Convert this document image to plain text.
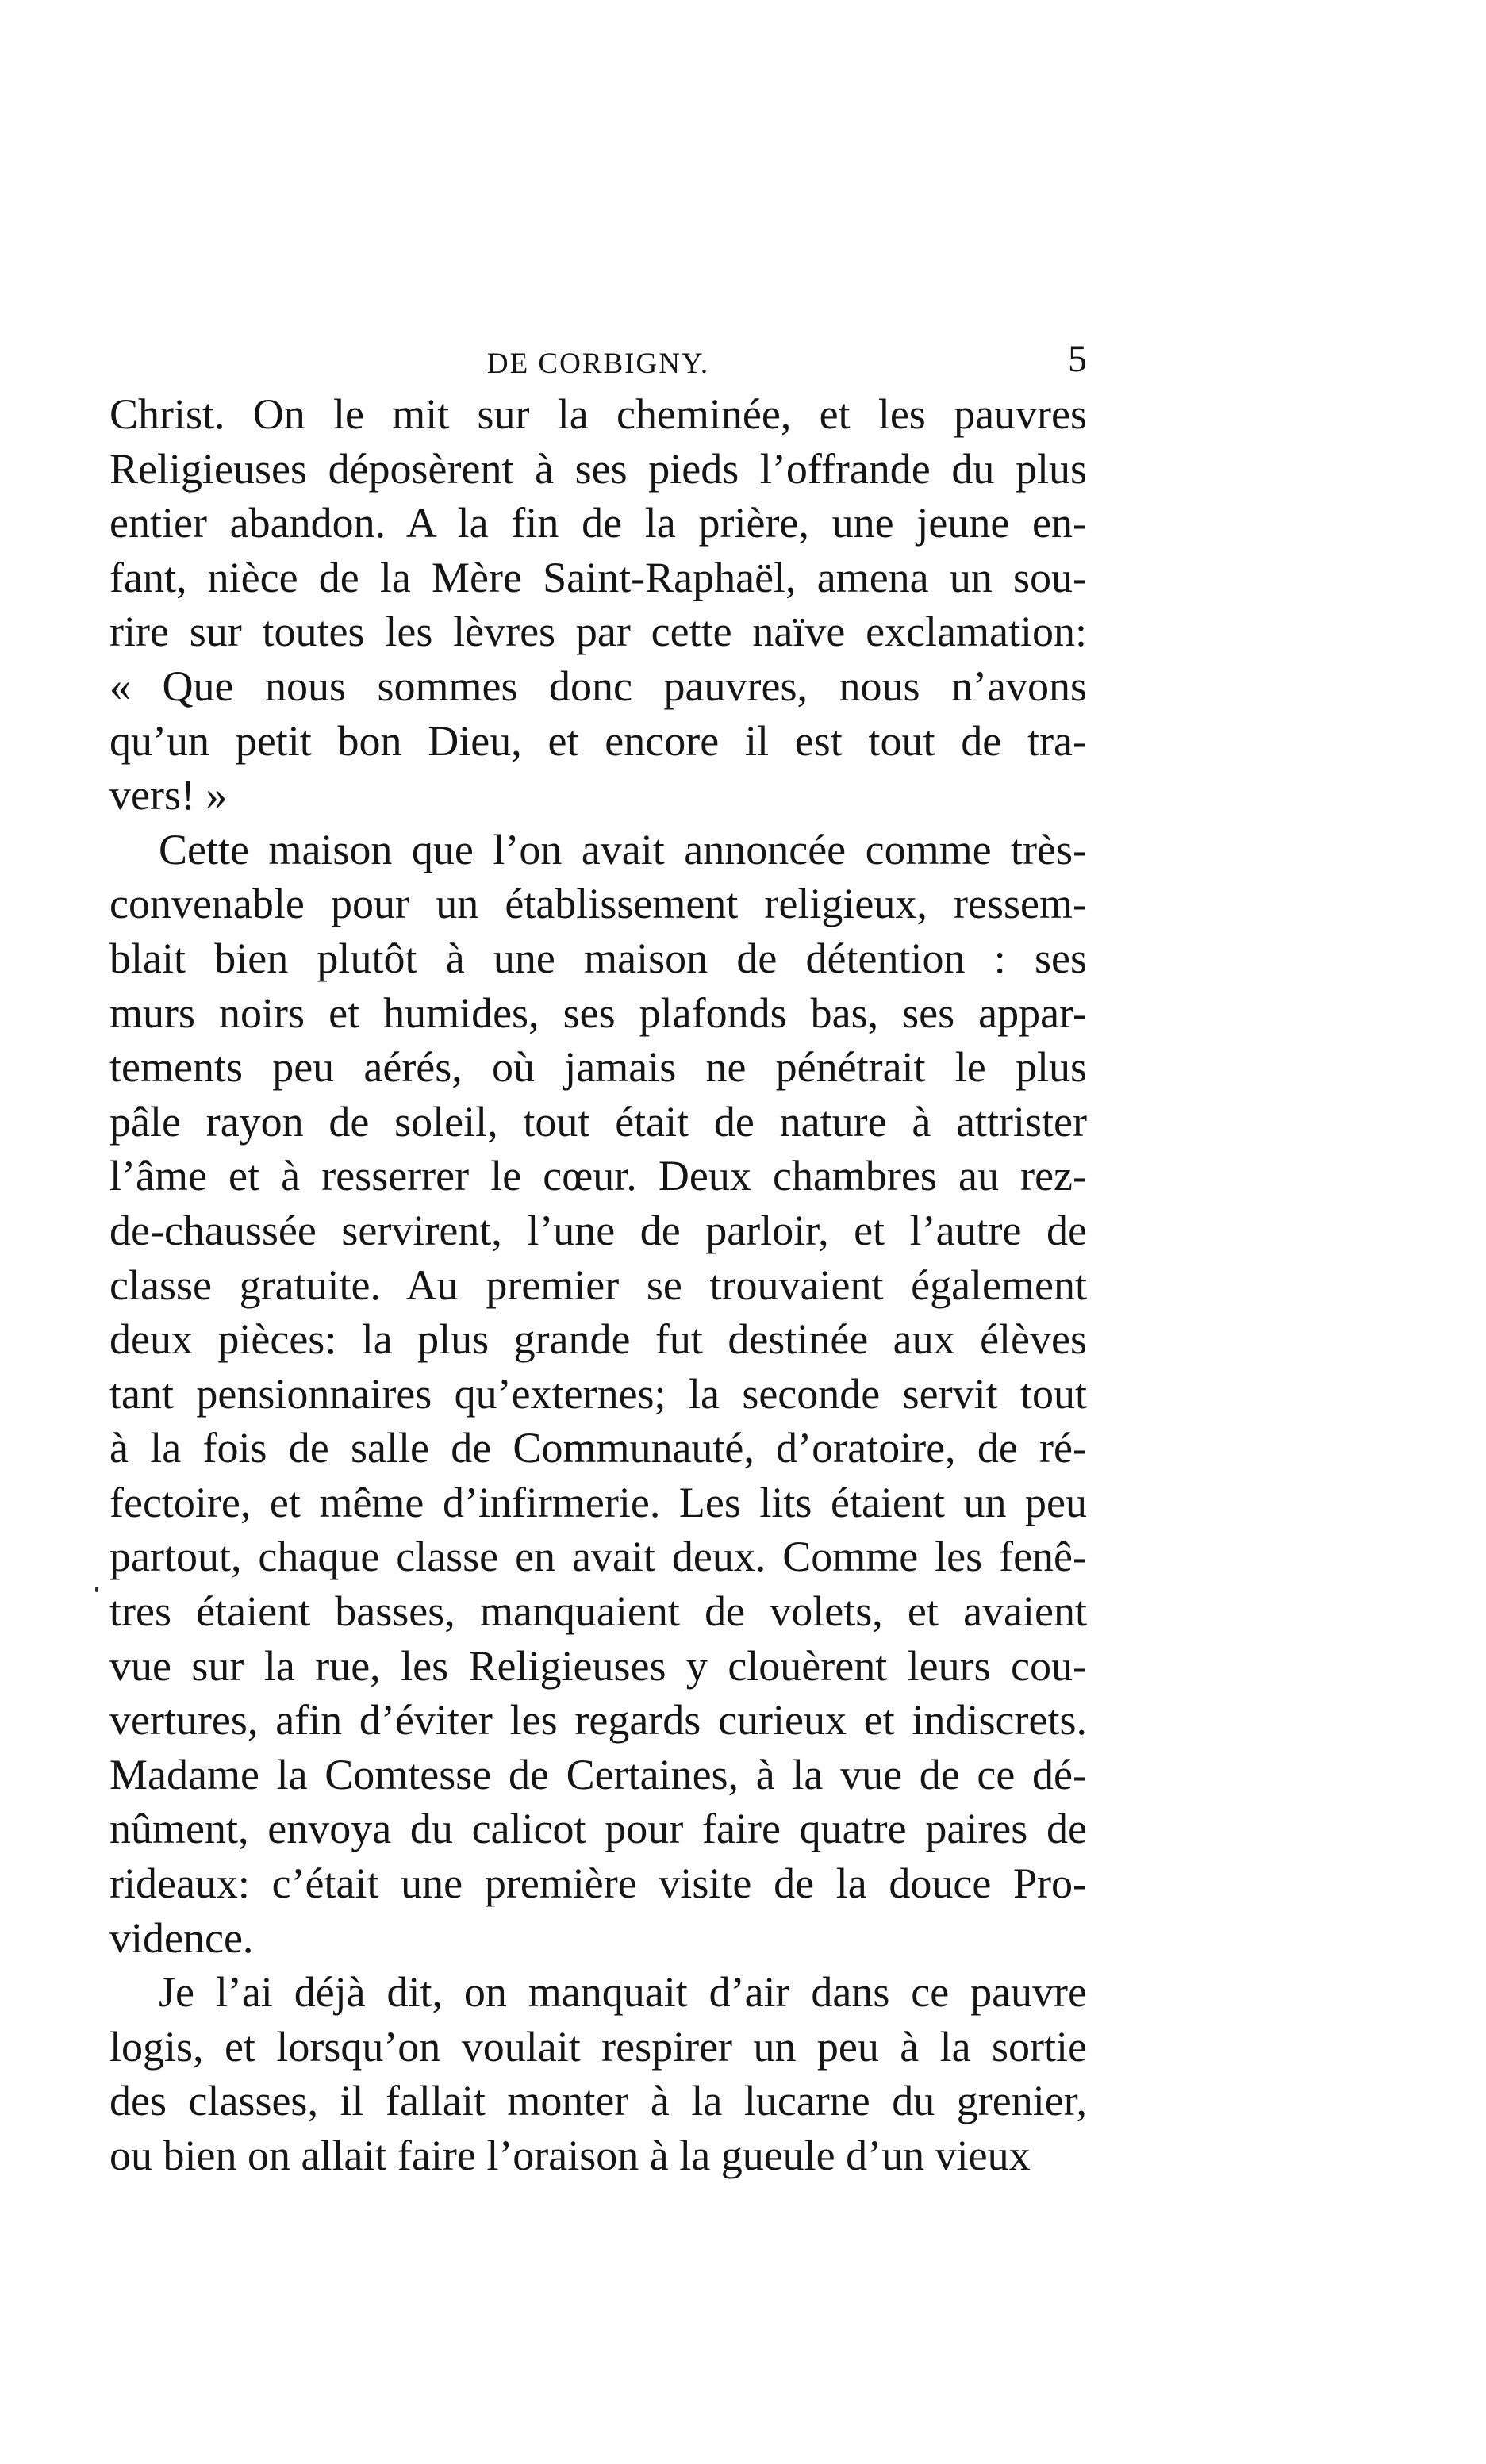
DE CORBIGNY.	5
Christ. On le mit sur la cheminée, et les pauvres
Religieuses déposèrent à ses pieds l’offrande du plus
entier abandon. A la fin de la prière, une jeune en-
fant, nièce de la Mère Saint-Raphaël, amena un sou-
rire sur toutes les lèvres par cette naïve exclamation:
« Que nous sommes donc pauvres, nous n’avons
qu’un petit bon Dieu, et encore il est tout de tra-
vers! »
Cette maison que l’on avait annoncée comme très-
convenable pour un établissement religieux, ressem-
blait bien plutôt à une maison de détention : ses
murs noirs et humides, ses plafonds bas, ses appar-
tements peu aérés, où jamais ne pénétrait le plus
pâle rayon de soleil, tout était de nature à attrister
l’âme et à resserrer le cœur. Deux chambres au rez-
de-chaussée servirent, l’une de parloir, et l’autre de
classe gratuite. Au premier se trouvaient également
deux pièces: la plus grande fut destinée aux élèves
tant pensionnaires qu’externes; la seconde servit tout
à la fois de salle de Communauté, d’oratoire, de ré-
fectoire, et même d’infirmerie. Les lits étaient un peu
partout, chaque classe en avait deux. Comme les fenê-
tres étaient basses, manquaient de volets, et avaient
vue sur la rue, les Religieuses y clouèrent leurs cou-
vertures, afin d’éviter les regards curieux et indiscrets.
Madame la Comtesse de Certaines, à la vue de ce dé-
nûment, envoya du calicot pour faire quatre paires de
rideaux: c’était une première visite de la douce Pro-
vidence.
Je l’ai déjà dit, on manquait d’air dans ce pauvre
logis, et lorsqu’on voulait respirer un peu à la sortie
des classes, il fallait monter à la lucarne du grenier,
ou bien on allait faire l’oraison à la gueule d’un vieux
